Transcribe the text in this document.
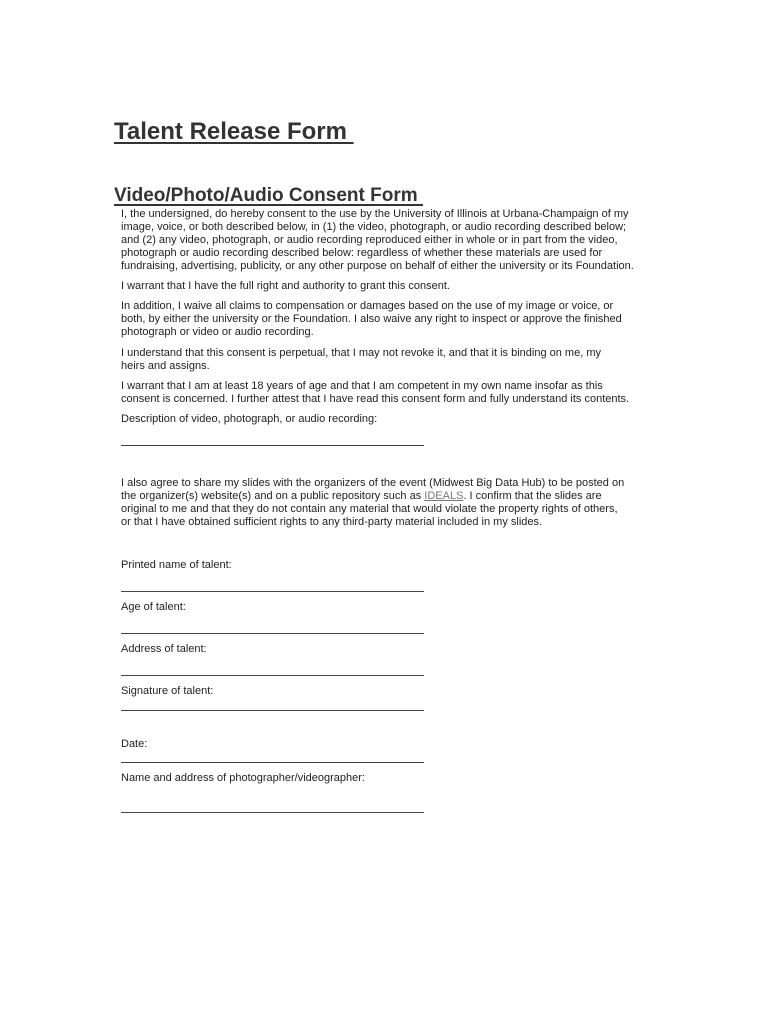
Talent Release Form
Video/Photo/Audio Consent Form

I, the undersigned, do hereby consent to the use by the University of Illinois at Urbana-Champaign of my
image, voice, or both described below, in (1) the video, photograph, or audio recording described below;
and (2) any video, photograph, or audio recording reproduced either in whole or in part from the video,
photograph or audio recording described below: regardless of whether these materials are used for
fundraising, advertising, publicity, or any other purpose on behalf of either the university or its Foundation.

I warrant that I have the full right and authority to grant this consent.

In addition, I waive all claims to compensation or damages based on the use of my image or voice, or
both, by either the university or the Foundation. I also waive any right to inspect or approve the finished
photograph or video or audio recording.

I understand that this consent is perpetual, that I may not revoke it, and that it is binding on me, my
heirs and assigns.

I warrant that I am at least 18 years of age and that I am competent in my own name insofar as this
consent is concerned. I further attest that I have read this consent form and fully understand its contents.

Description of video, photograph, or audio recording:

I also agree to share my slides with the organizers of the event (Midwest Big Data Hub) to be posted on
the organizer(s) website(s) and on a public repository such as IDEALS. I confirm that the slides are
original to me and that they do not contain any material that would violate the property rights of others,
or that I have obtained sufficient rights to any third-party material included in my slides.

Printed name of talent:

Age of talent:

Address of talent:

Signature of talent:

Date:

Name and address of photographer/videographer:
